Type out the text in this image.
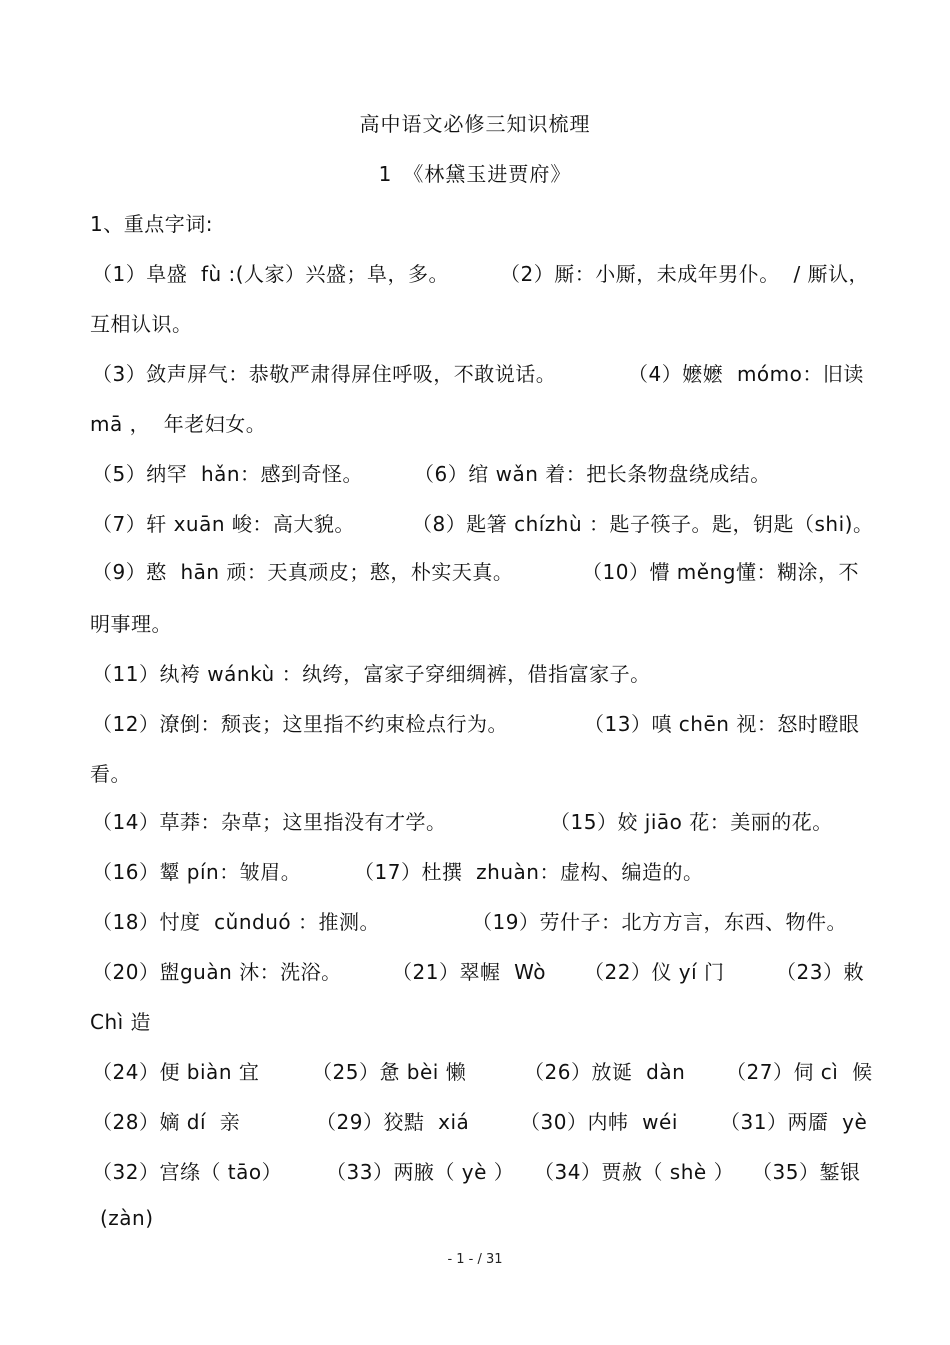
高中语文必修三知识梳理
1　《林黛玉进贾府》
1、重点字词:
（1）阜盛  fù :(人家）兴盛；阜，多。	（2）厮：小厮，未成年男仆。  / 厮认，
互相认识。
（3）敛声屏气：恭敬严肃得屏住呼吸，不敢说话。	（4）嬷嬷  mómo：旧读
mā ，  年老妇女。
（5）纳罕  hǎn：感到奇怪。	（6）绾 wǎn 着：把长条物盘绕成结。
（7）轩 xuān 峻：高大貌。	（8）匙箸 chízhù ：匙子筷子。匙，钥匙（shi)。
（9）憨  hān 顽：天真顽皮；憨，朴实天真。	（10）懵 měng懂：糊涂，不
明事理。
（11）纨袴 wánkù ：纨绔，富家子穿细绸裤，借指富家子。
（12）潦倒：颓丧；这里指不约束检点行为。	（13）嗔 chēn 视：怒时瞪眼
看。
（14）草莽：杂草；这里指没有才学。	（15）姣 jiāo 花：美丽的花。
（16）颦 pín：皱眉。	（17）杜撰  zhuàn：虚构、编造的。
（18）忖度  cǔnduó ：推测。	（19）劳什子：北方方言，东西、物件。
（20）盥guàn 沐：洗浴。	（21）翠幄  Wò （22）仪 yí 门	（23）敕
Chì 造
（24）便 biàn 宜	（25）惫 bèi 懒	（26）放诞  dàn （27）伺 cì  候
（28）嫡 dí  亲	（29）狡黠  xiá	（30）内帏  wéi （31）两靥  yè
（32）宫绦（ tāo） （33）两腋（ yè ） （34）贾赦（ shè ） （35）錾银
(zàn)
- 1 - / 31
